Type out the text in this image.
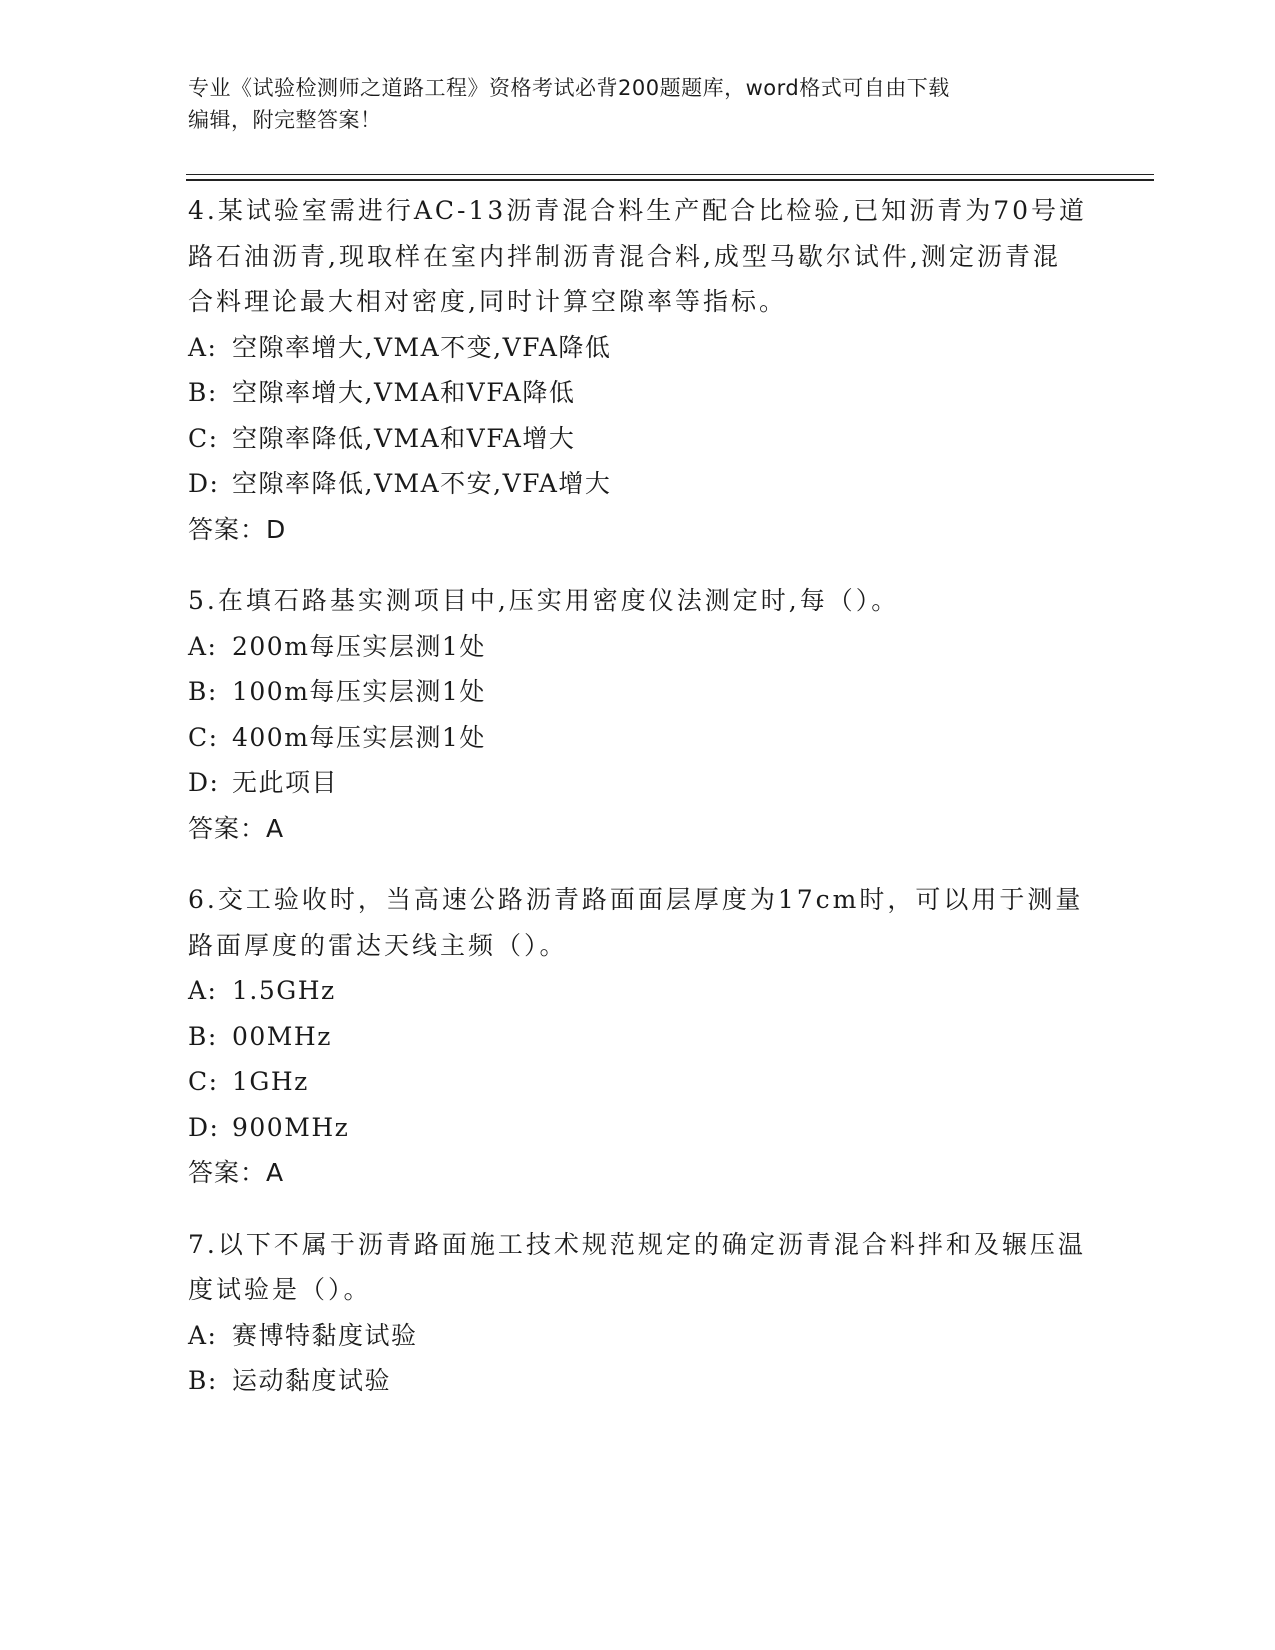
专业《试验检测师之道路工程》资格考试必背200题题库，word格式可自由下载
编辑，附完整答案！

4.某试验室需进行AC-13沥青混合料生产配合比检验,已知沥青为70号道路石油沥青,现取样在室内拌制沥青混合料,成型马歇尔试件,测定沥青混合料理论最大相对密度,同时计算空隙率等指标。

A: 空隙率增大,VMA不变,VFA降低

B: 空隙率增大,VMA和VFA降低

C: 空隙率降低,VMA和VFA增大

D: 空隙率降低,VMA不安,VFA增大

答案：D

5.在填石路基实测项目中,压实用密度仪法测定时,每（）。

A: 200m每压实层测1处

B: 100m每压实层测1处

C: 400m每压实层测1处

D: 无此项目

答案：A

6.交工验收时，当高速公路沥青路面面层厚度为17cm时，可以用于测量路面厚度的雷达天线主频（）。

A: 1.5GHz

B: 00MHz

C: 1GHz

D: 900MHz

答案：A

7.以下不属于沥青路面施工技术规范规定的确定沥青混合料拌和及辗压温度试验是（）。

A: 赛博特黏度试验

B: 运动黏度试验
